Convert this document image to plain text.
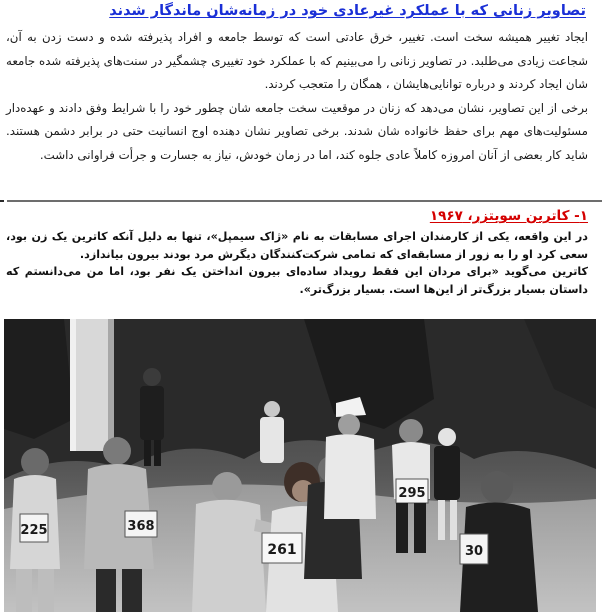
تصاویر زنانی که با عملکرد غیرعادی خود در زمانه‌شان ماندگار شدند

ایجاد تغییر همیشه سخت است. تغییر، خرق عادتی است که توسط جامعه و افراد پذیرفته شده و دست زدن به آن، شجاعت زیادی می‌طلبد. در تصاویر زنانی را می‌بینیم که با عملکرد خود تغییری چشمگیر در سنت‌های پذیرفته شده جامعه شان ایجاد کردند و درباره توانایی‌هایشان ، همگان را متعجب کردند.

برخی از این تصاویر، نشان می‌دهد که زنان در موقعیت سخت جامعه شان چطور خود را با شرایط وفق دادند و عهده‌دار مسئولیت‌های مهم برای حفظ خانواده شان شدند. برخی تصاویر نشان دهنده اوج انسانیت حتی در برابر دشمن هستند. شاید کار بعضی از آنان امروزه کاملاً عادی جلوه کند، اما در زمان خودش، نیاز به جسارت و جرأت فراوانی داشت.

۱- کاترین سویتزر، ۱۹۶۷

در این واقعه، یکی از کارمندان اجرای مسابقات به نام «ژاک سیمپل»، تنها به دلیل آنکه کاترین یک زن بود، سعی کرد او را به زور از مسابقه‌ای که تمامی شرکت‌کنندگان دیگرش مرد بودند بیرون بیاندازد.

کاترین می‌گوید «برای مردان این فقط رویداد ساده‌ای بیرون انداختن یک نفر بود، اما من می‌دانستم که داستان بسیار بزرگ‌تر از این‌ها است. بسیار بزرگ‌تر».

225	368
261
295
30
